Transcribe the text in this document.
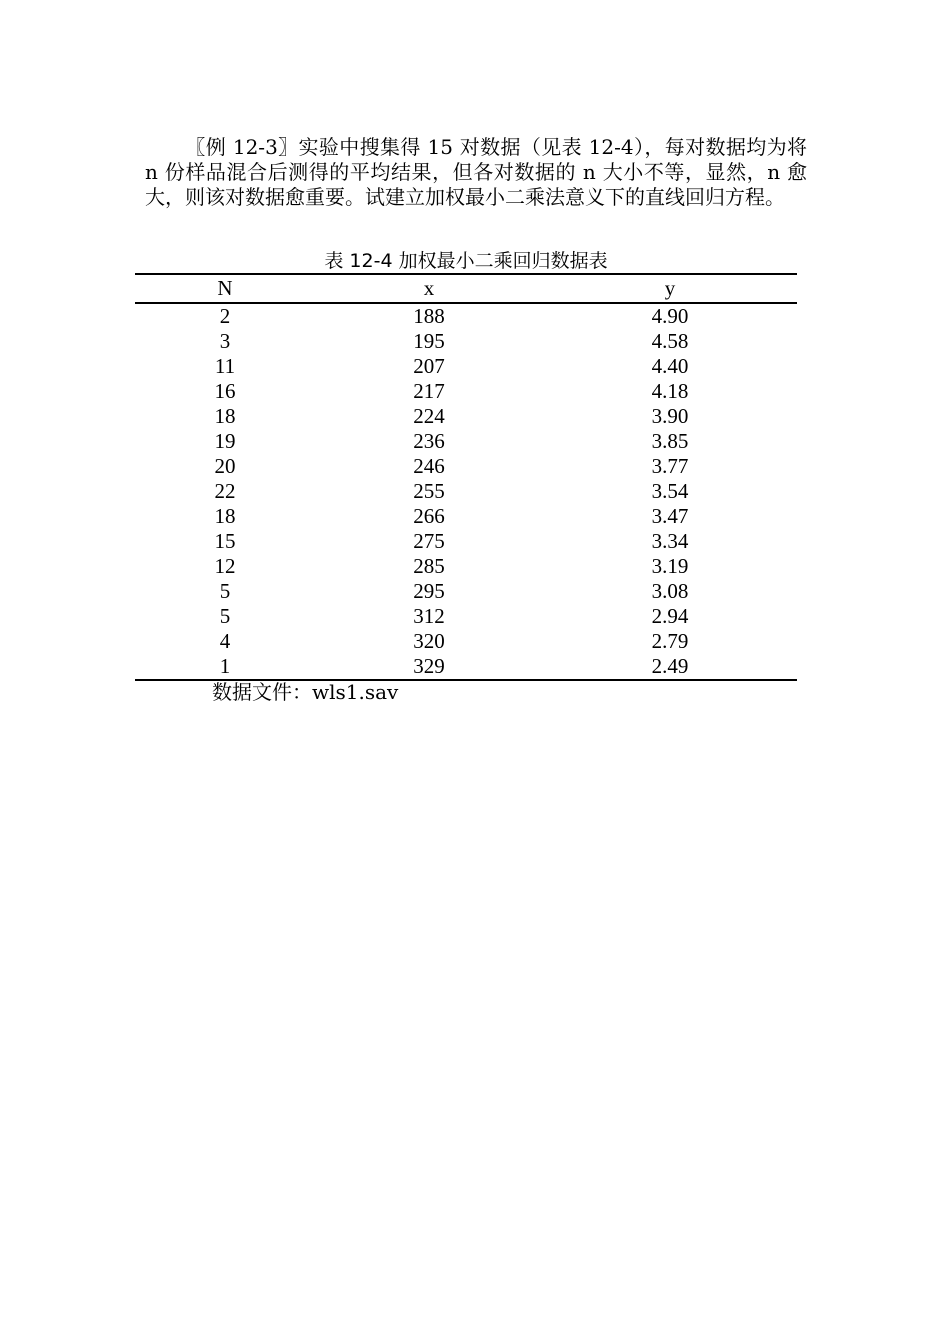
〖例 12-3〗实验中搜集得 15 对数据（见表 12-4），每对数据均为将 n 份样品混合后测得的平均结果，但各对数据的 n 大小不等，显然，n 愈大，则该对数据愈重要。试建立加权最小二乘法意义下的直线回归方程。
表 12-4 加权最小二乘回归数据表
N	x	y
2	188	4.90
3	195	4.58
11	207	4.40
16	217	4.18
18	224	3.90
19	236	3.85
20	246	3.77
22	255	3.54
18	266	3.47
15	275	3.34
12	285	3.19
5	295	3.08
5	312	2.94
4	320	2.79
1	329	2.49
数据文件：wls1.sav
